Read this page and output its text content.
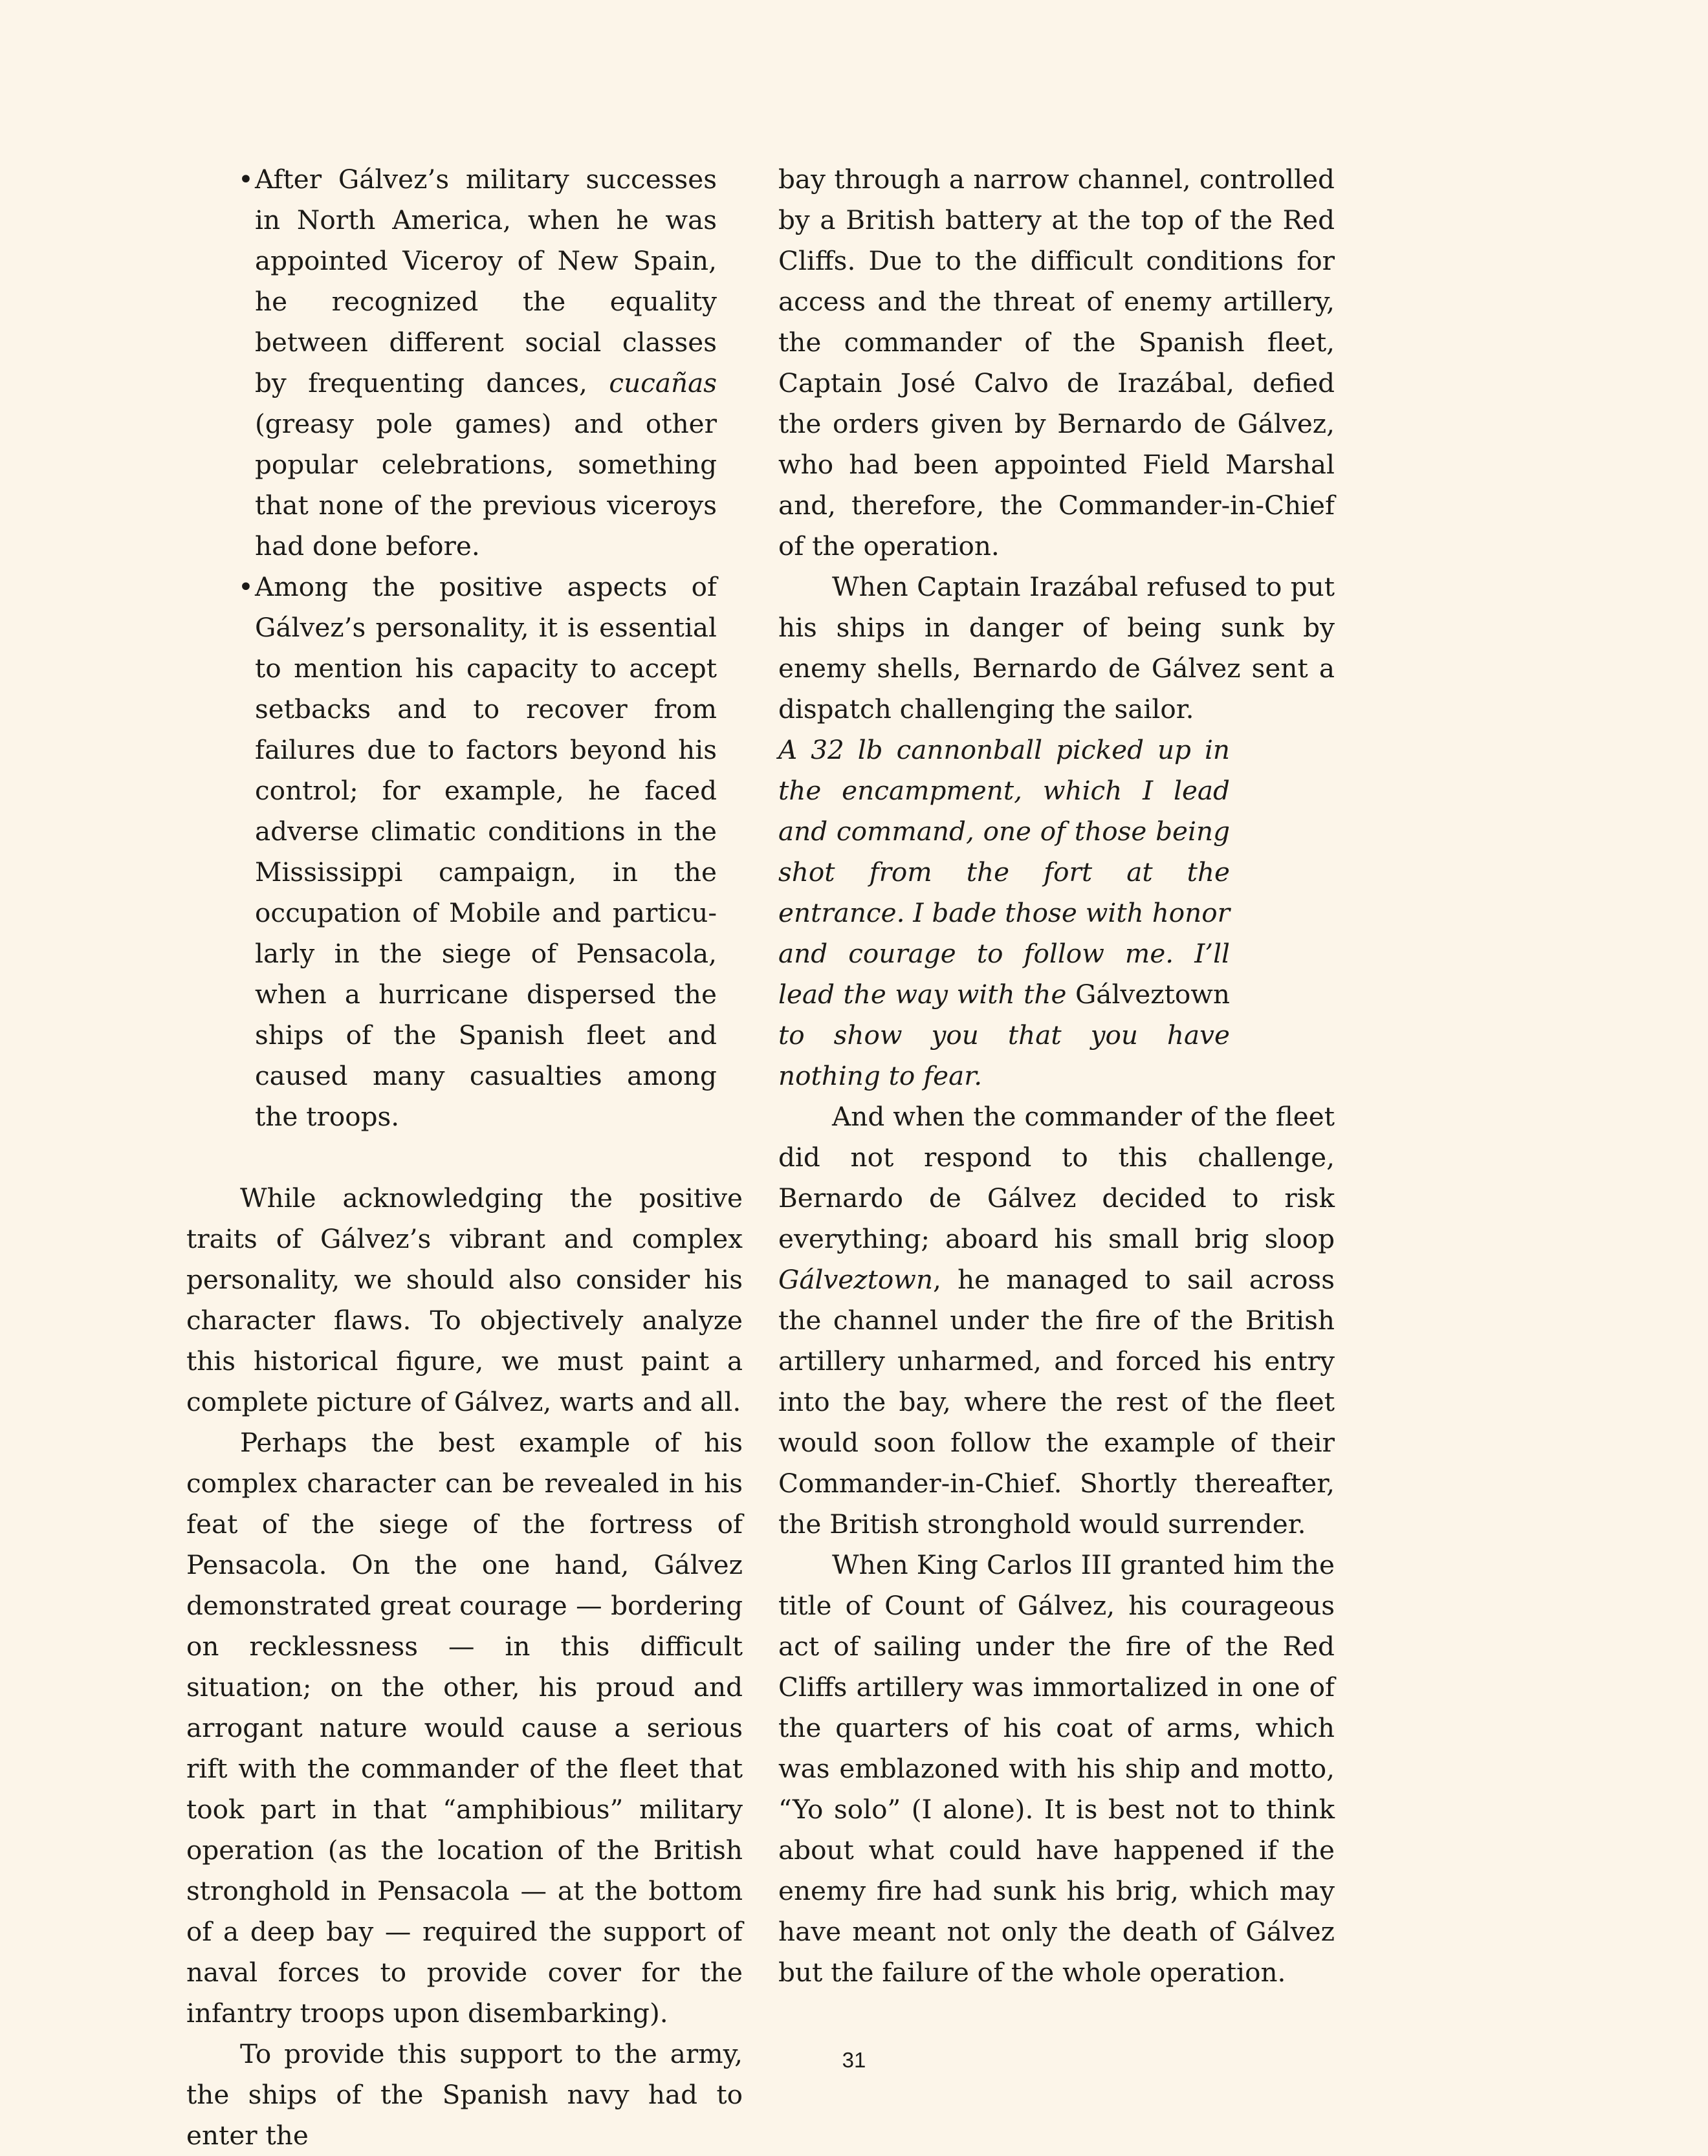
• After Gálvez’s military successes in North America, when he was appointed Viceroy of New Spain, he recognized the equality between different social classes by frequenting dances, cucañas (greasy pole games) and other popular celebrations, something that none of the previous viceroys had done before.
• Among the positive aspects of Gálvez’s personality, it is essential to mention his capacity to accept setbacks and to recover from failures due to factors beyond his control; for example, he faced adverse climatic conditions in the Mississippi campaign, in the occupation of Mobile and particularly in the siege of Pensacola, when a hurricane dispersed the ships of the Spanish fleet and caused many casualties among the troops.

While acknowledging the positive traits of Gálvez’s vibrant and complex personality, we should also consider his character flaws. To objectively analyze this historical figure, we must paint a complete picture of Gálvez, warts and all.

Perhaps the best example of his complex character can be revealed in his feat of the siege of the fortress of Pensacola. On the one hand, Gálvez demonstrated great courage — bordering on recklessness — in this difficult situation; on the other, his proud and arrogant nature would cause a serious rift with the commander of the fleet that took part in that “amphibious” military operation (as the location of the British stronghold in Pensacola — at the bottom of a deep bay — required the support of naval forces to provide cover for the infantry troops upon disembarking).

To provide this support to the army, the ships of the Spanish navy had to enter the

bay through a narrow channel, controlled by a British battery at the top of the Red Cliffs. Due to the difficult conditions for access and the threat of enemy artillery, the commander of the Spanish fleet, Captain José Calvo de Irazábal, defied the orders given by Bernardo de Gálvez, who had been appointed Field Marshal and, therefore, the Commander-in-Chief of the operation.

When Captain Irazábal refused to put his ships in danger of being sunk by enemy shells, Bernardo de Gálvez sent a dispatch challenging the sailor.

A 32 lb cannonball picked up in the encampment, which I lead and command, one of those being shot from the fort at the entrance. I bade those with honor and courage to follow me. I’ll lead the way with the Gálveztown to show you that you have nothing to fear.

And when the commander of the fleet did not respond to this challenge, Bernardo de Gálvez decided to risk everything; aboard his small brig sloop Gálveztown, he managed to sail across the channel under the fire of the British artillery unharmed, and forced his entry into the bay, where the rest of the fleet would soon follow the example of their Commander-in-Chief. Shortly thereafter, the British stronghold would surrender.

When King Carlos III granted him the title of Count of Gálvez, his courageous act of sailing under the fire of the Red Cliffs artillery was immortalized in one of the quarters of his coat of arms, which was emblazoned with his ship and motto, “Yo solo” (I alone). It is best not to think about what could have happened if the enemy fire had sunk his brig, which may have meant not only the death of Gálvez but the failure of the whole operation.

31
